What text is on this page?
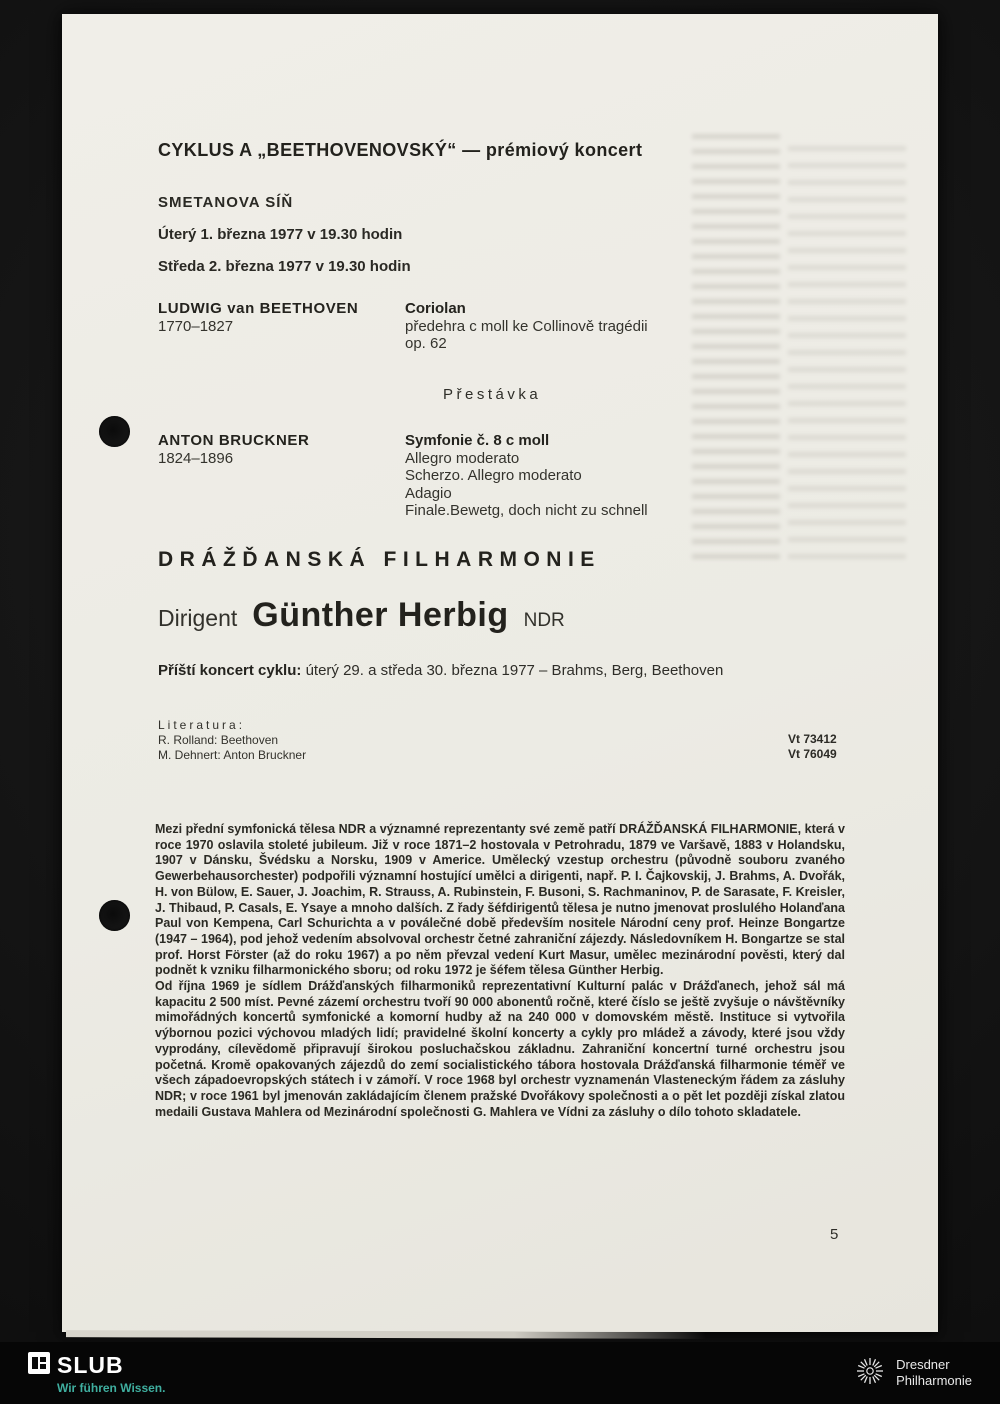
CYKLUS A „BEETHOVENOVSKÝ“ — prémiový koncert
SMETANOVA SÍŇ
Úterý 1. března 1977 v 19.30 hodin
Středa 2. března 1977 v 19.30 hodin
LUDWIG van BEETHOVEN
1770–1827
Coriolan
předehra c moll ke Collinově tragédii
op. 62
Přestávka
ANTON BRUCKNER
1824–1896
Symfonie č. 8 c moll
Allegro moderato
Scherzo. Allegro moderato
Adagio
Finale.Bewetg, doch nicht zu schnell
DRÁŽĎANSKÁ FILHARMONIE
Dirigent Günther Herbig NDR
Příští koncert cyklu: úterý 29. a středa 30. března 1977 – Brahms, Berg, Beethoven
Literatura:
R. Rolland: Beethoven
M. Dehnert: Anton Bruckner
Vt 73412
Vt 76049

Mezi přední symfonická tělesa NDR a významné reprezentanty své země patří DRÁŽĎANSKÁ FILHARMONIE, která v roce 1970 oslavila stoleté jubileum. Již v roce 1871–2 hostovala v Petrohradu, 1879 ve Varšavě, 1883 v Holandsku, 1907 v Dánsku, Švédsku a Norsku, 1909 v Americe. Umělecký vzestup orchestru (původně souboru zvaného Gewerbehausorchester) podpořili významní hostující umělci a dirigenti, např. P. I. Čajkovskij, J. Brahms, A. Dvořák, H. von Bülow, E. Sauer, J. Joachim, R. Strauss, A. Rubinstein, F. Busoni, S. Rachmaninov, P. de Sarasate, F. Kreisler, J. Thibaud, P. Casals, E. Ysaye a mnoho dalších. Z řady šéfdirigentů tělesa je nutno jmenovat proslulého Holanďana Paul von Kempena, Carl Schurichta a v poválečné době především nositele Národní ceny prof. Heinze Bongartze (1947 – 1964), pod jehož vedením absolvoval orchestr četné zahraniční zájezdy. Následovníkem H. Bongartze se stal prof. Horst Förster (až do roku 1967) a po něm převzal vedení Kurt Masur, umělec mezinárodní pověsti, který dal podnět k vzniku filharmonického sboru; od roku 1972 je šéfem tělesa Günther Herbig.

Od října 1969 je sídlem Drážďanských filharmoniků reprezentativní Kulturní palác v Drážďanech, jehož sál má kapacitu 2 500 míst. Pevné zázemí orchestru tvoří 90 000 abonentů ročně, které číslo se ještě zvyšuje o návštěvníky mimořádných koncertů symfonické a komorní hudby až na 240 000 v domovském městě. Instituce si vytvořila výbornou pozici výchovou mladých lidí; pravidelné školní koncerty a cykly pro mládež a závody, které jsou vždy vyprodány, cílevědomě připravují širokou posluchačskou základnu. Zahraniční koncertní turné orchestru jsou početná. Kromě opakovaných zájezdů do zemí socialistického tábora hostovala Drážďanská filharmonie téměř ve všech západoevropských státech i v zámoří. V roce 1968 byl orchestr vyznamenán Vlasteneckým řádem za zásluhy NDR; v roce 1961 byl jmenován zakládajícím členem pražské Dvořákovy společnosti a o pět let později získal zlatou medaili Gustava Mahlera od Mezinárodní společnosti G. Mahlera ve Vídni za zásluhy o dílo tohoto skladatele.

5
SLUB
Wir führen Wissen.
Dresdner
Philharmonie
